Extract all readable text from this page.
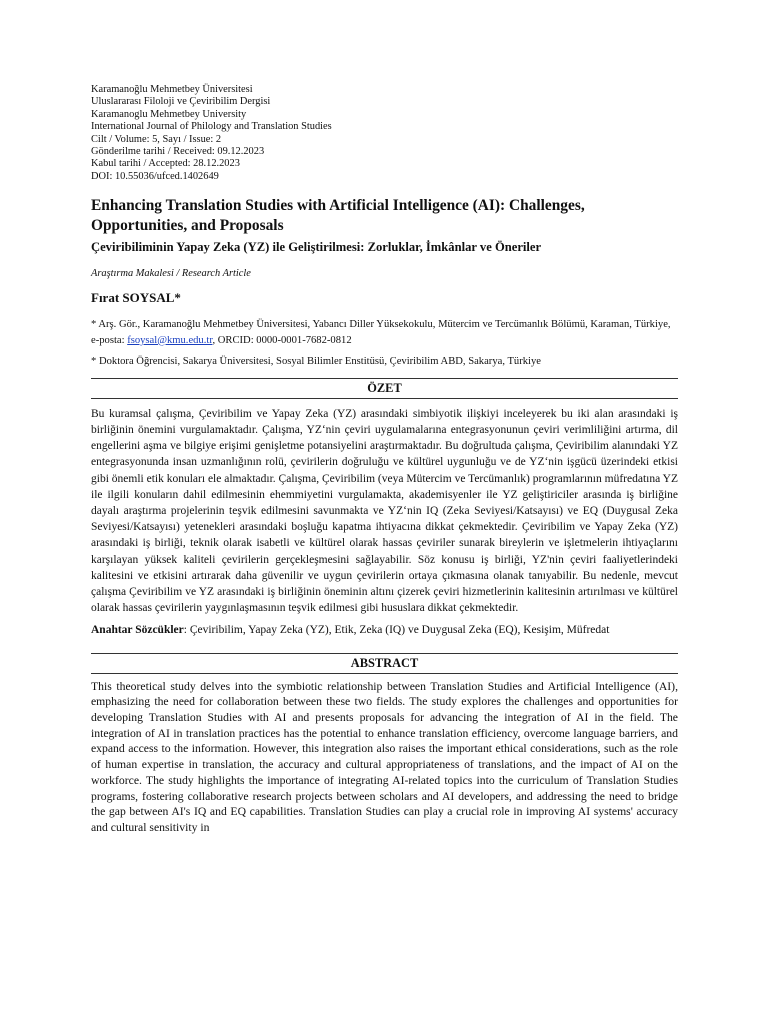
Karamanoğlu Mehmetbey Üniversitesi
Uluslararası Filoloji ve Çeviribilim Dergisi
Karamanoglu Mehmetbey University
International Journal of Philology and Translation Studies
Cilt / Volume: 5, Sayı / Issue: 2
Gönderilme tarihi / Received: 09.12.2023
Kabul tarihi / Accepted: 28.12.2023
DOI: 10.55036/ufced.1402649
Enhancing Translation Studies with Artificial Intelligence (AI): Challenges, Opportunities, and Proposals
Çeviribiliminin Yapay Zeka (YZ) ile Geliştirilmesi: Zorluklar, İmkânlar ve Öneriler
Araştırma Makalesi / Research Article
Fırat SOYSAL*
* Arş. Gör., Karamanoğlu Mehmetbey Üniversitesi, Yabancı Diller Yüksekokulu, Mütercim ve Tercümanlık Bölümü, Karaman, Türkiye, e-posta: fsoysal@kmu.edu.tr, ORCID: 0000-0001-7682-0812
* Doktora Öğrencisi, Sakarya Üniversitesi, Sosyal Bilimler Enstitüsü, Çeviribilim ABD, Sakarya, Türkiye
ÖZET
Bu kuramsal çalışma, Çeviribilim ve Yapay Zeka (YZ) arasındaki simbiyotik ilişkiyi inceleyerek bu iki alan arasındaki iş birliğinin önemini vurgulamaktadır. Çalışma, YZ‘nin çeviri uygulamalarına entegrasyonunun çeviri verimliliğini artırma, dil engellerini aşma ve bilgiye erişimi genişletme potansiyelini araştırmaktadır. Bu doğrultuda çalışma, Çeviribilim alanındaki YZ entegrasyonunda insan uzmanlığının rolü, çevirilerin doğruluğu ve kültürel uygunluğu ve de YZ‘nin işgücü üzerindeki etkisi gibi önemli etik konuları ele almaktadır. Çalışma, Çeviribilim (veya Mütercim ve Tercümanlık) programlarının müfredatına YZ ile ilgili konuların dahil edilmesinin ehemmiyetini vurgulamakta, akademisyenler ile YZ geliştiriciler arasında iş birliğine dayalı araştırma projelerinin teşvik edilmesini savunmakta ve YZ‘nin IQ (Zeka Seviyesi/Katsayısı) ve EQ (Duygusal Zeka Seviyesi/Katsayısı) yetenekleri arasındaki boşluğu kapatma ihtiyacına dikkat çekmektedir. Çeviribilim ve Yapay Zeka (YZ) arasındaki iş birliği, teknik olarak isabetli ve kültürel olarak hassas çeviriler sunarak bireylerin ve işletmelerin ihtiyaçlarını karşılayan yüksek kaliteli çevirilerin gerçekleşmesini sağlayabilir. Söz konusu iş birliği, YZ'nin çeviri faaliyetlerindeki kalitesini ve etkisini artırarak daha güvenilir ve uygun çevirilerin ortaya çıkmasına olanak tanıyabilir. Bu nedenle, mevcut çalışma Çeviribilim ve YZ arasındaki iş birliğinin öneminin altını çizerek çeviri hizmetlerinin kalitesinin artırılması ve kültürel olarak hassas çevirilerin yaygınlaşmasının teşvik edilmesi gibi hususlara dikkat çekmektedir.
Anahtar Sözcükler: Çeviribilim, Yapay Zeka (YZ), Etik, Zeka (IQ) ve Duygusal Zeka (EQ), Kesişim, Müfredat
ABSTRACT
This theoretical study delves into the symbiotic relationship between Translation Studies and Artificial Intelligence (AI), emphasizing the need for collaboration between these two fields. The study explores the challenges and opportunities for developing Translation Studies with AI and presents proposals for advancing the integration of AI in the field. The integration of AI in translation practices has the potential to enhance translation efficiency, overcome language barriers, and expand access to the information. However, this integration also raises the important ethical considerations, such as the role of human expertise in translation, the accuracy and cultural appropriateness of translations, and the impact of AI on the workforce. The study highlights the importance of integrating AI-related topics into the curriculum of Translation Studies programs, fostering collaborative research projects between scholars and AI developers, and addressing the need to bridge the gap between AI's IQ and EQ capabilities. Translation Studies can play a crucial role in improving AI systems' accuracy and cultural sensitivity in
